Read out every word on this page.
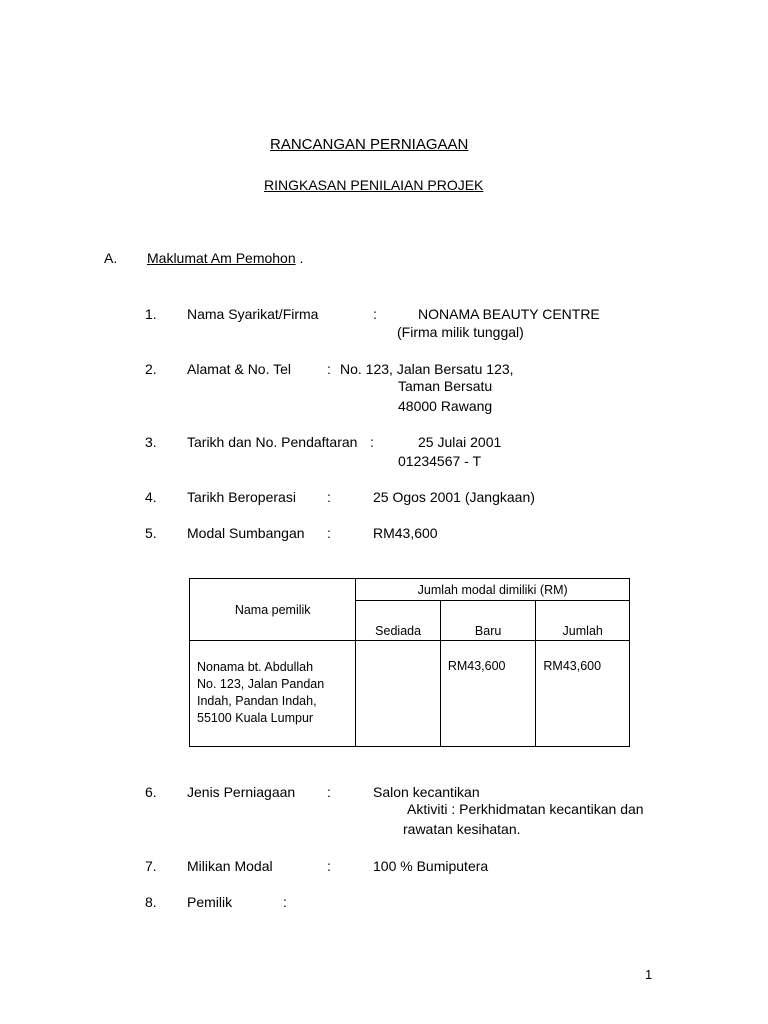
RANCANGAN PERNIAGAAN
RINGKASAN PENILAIAN PROJEK
A. Maklumat Am Pemohon .
1. Nama Syarikat/Firma	:	NONAMA BEAUTY CENTRE
(Firma milik tunggal)
2. Alamat & No. Tel	: No. 123, Jalan Bersatu 123,
Taman Bersatu
48000 Rawang
3. Tarikh dan No. Pendaftaran :	25 Julai 2001
01234567 - T
4. Tarikh Beroperasi :	25 Ogos 2001 (Jangkaan)
5. Modal Sumbangan :	RM43,600
Nama pemilik	Jumlah modal dimiliki (RM)		
	Sediada	Baru	Jumlah

Nonama bt. Abdullah
No. 123, Jalan Pandan
Indah, Pandan Indah,
55100 Kuala Lumpur		RM43,600	RM43,600
6. Jenis Perniagaan :	Salon kecantikan
Aktiviti : Perkhidmatan kecantikan dan
rawatan kesihatan.
7. Milikan Modal	:	100 % Bumiputera
8. Pemilik	:
1
